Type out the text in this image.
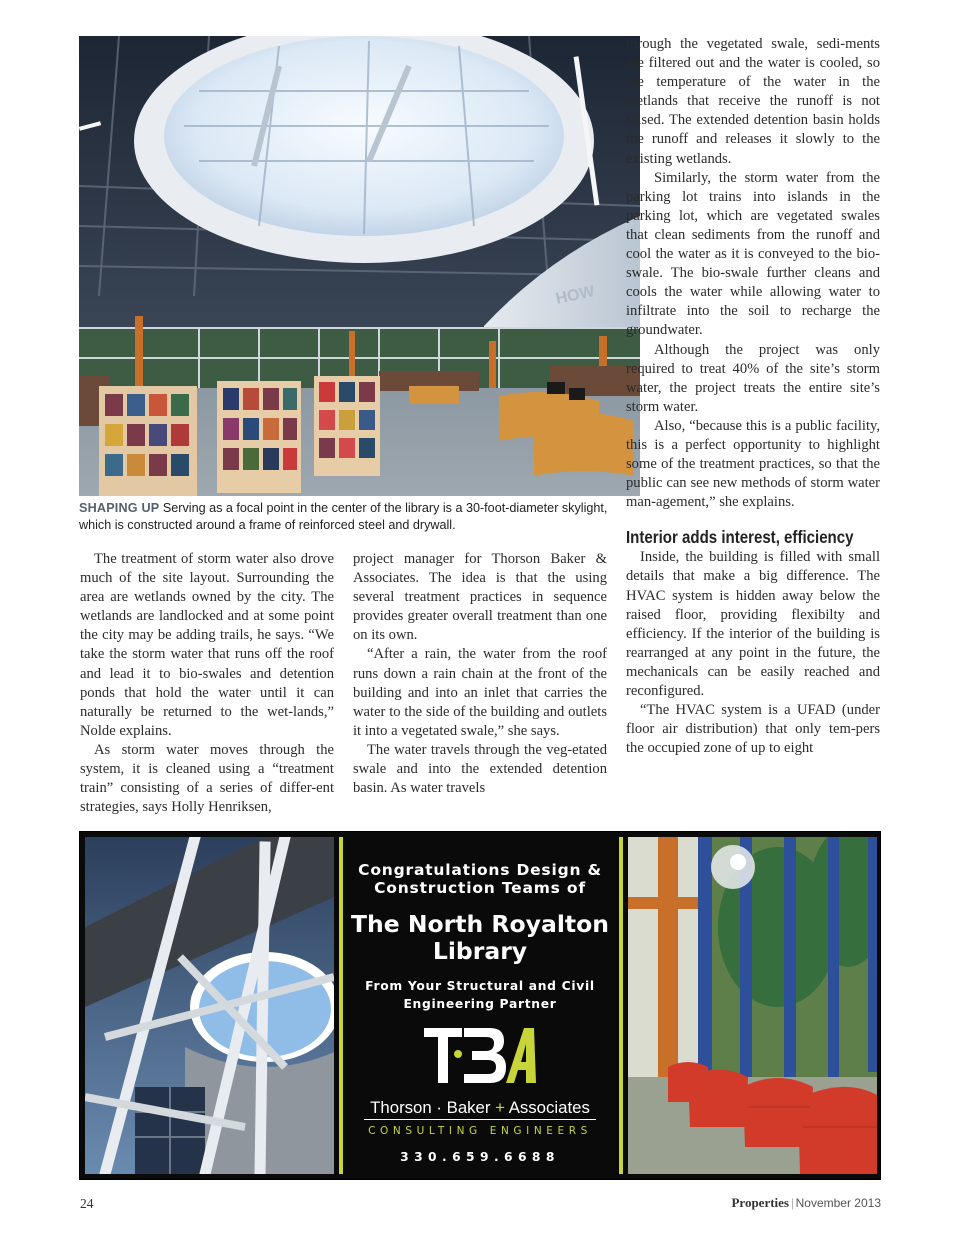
HOW
SHAPING UP Serving as a focal point in the center of the library is a 30-foot-diameter skylight, which is constructed around a frame of reinforced steel and drywall.

The treatment of storm water also drove much of the site layout. Surrounding the area are wetlands owned by the city. The wetlands are landlocked and at some point the city may be adding trails, he says. “We take the storm water that runs off the roof and lead it to bio-swales and detention ponds that hold the water until it can naturally be returned to the wet-lands,” Nolde explains.

As storm water moves through the system, it is cleaned using a “treatment train” consisting of a series of differ-ent strategies, says Holly Henriksen,

project manager for Thorson Baker & Associates. The idea is that the using several treatment practices in sequence provides greater overall treatment than one on its own.

“After a rain, the water from the roof runs down a rain chain at the front of the building and into an inlet that carries the water to the side of the building and outlets it into a vegetated swale,” she says.

The water travels through the veg-etated swale and into the extended detention basin. As water travels

through the vegetated swale, sedi-ments are filtered out and the water is cooled, so the temperature of the water in the wetlands that receive the runoff is not raised. The extended detention basin holds the runoff and releases it slowly to the existing wetlands.

Similarly, the storm water from the parking lot trains into islands in the parking lot, which are vegetated swales that clean sediments from the runoff and cool the water as it is conveyed to the bio-swale. The bio-swale further cleans and cools the water while allowing water to infiltrate into the soil to recharge the groundwater.

Although the project was only required to treat 40% of the site’s storm water, the project treats the entire site’s storm water.

Also, “because this is a public facility, this is a perfect opportunity to highlight some of the treatment practices, so that the public can see new methods of storm water man-agement,” she explains.

Interior adds interest, efficiency

Inside, the building is filled with small details that make a big difference. The HVAC system is hidden away below the raised floor, providing flexibilty and efficiency. If the interior of the building is rearranged at any point in the future, the mechanicals can be easily reached and reconfigured.

“The HVAC system is a UFAD (under floor air distribution) that only tem-pers the occupied zone of up to eight

Congratulations Design & Construction Teams of
The North Royalton Library
From Your Structural and Civil Engineering Partner
Thorson · Baker + Associates
CONSULTING ENGINEERS
330.659.6688
24	Properties | November 2013
